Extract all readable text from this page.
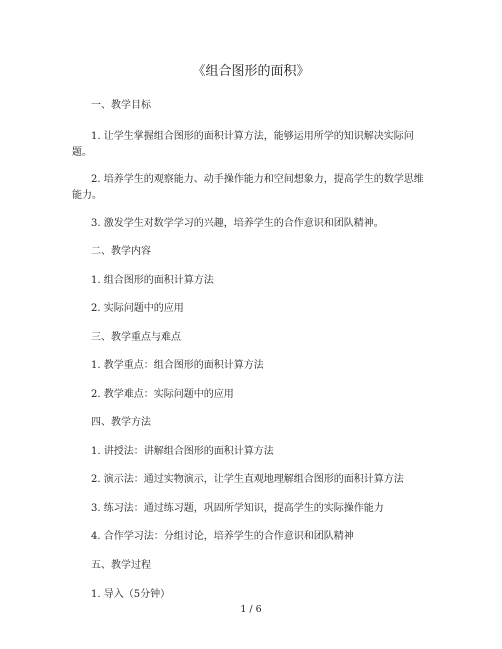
《组合图形的面积》
一、教学目标
1. 让学生掌握组合图形的面积计算方法，能够运用所学的知识解决实际问
题。
2. 培养学生的观察能力、动手操作能力和空间想象力，提高学生的数学思维
能力。
3. 激发学生对数学学习的兴趣，培养学生的合作意识和团队精神。
二、教学内容
1. 组合图形的面积计算方法
2. 实际问题中的应用
三、教学重点与难点
1. 教学重点：组合图形的面积计算方法
2. 教学难点：实际问题中的应用
四、教学方法
1. 讲授法：讲解组合图形的面积计算方法
2. 演示法：通过实物演示，让学生直观地理解组合图形的面积计算方法
3. 练习法：通过练习题，巩固所学知识，提高学生的实际操作能力
4. 合作学习法：分组讨论，培养学生的合作意识和团队精神
五、教学过程
1. 导入（5分钟）
1 / 6
